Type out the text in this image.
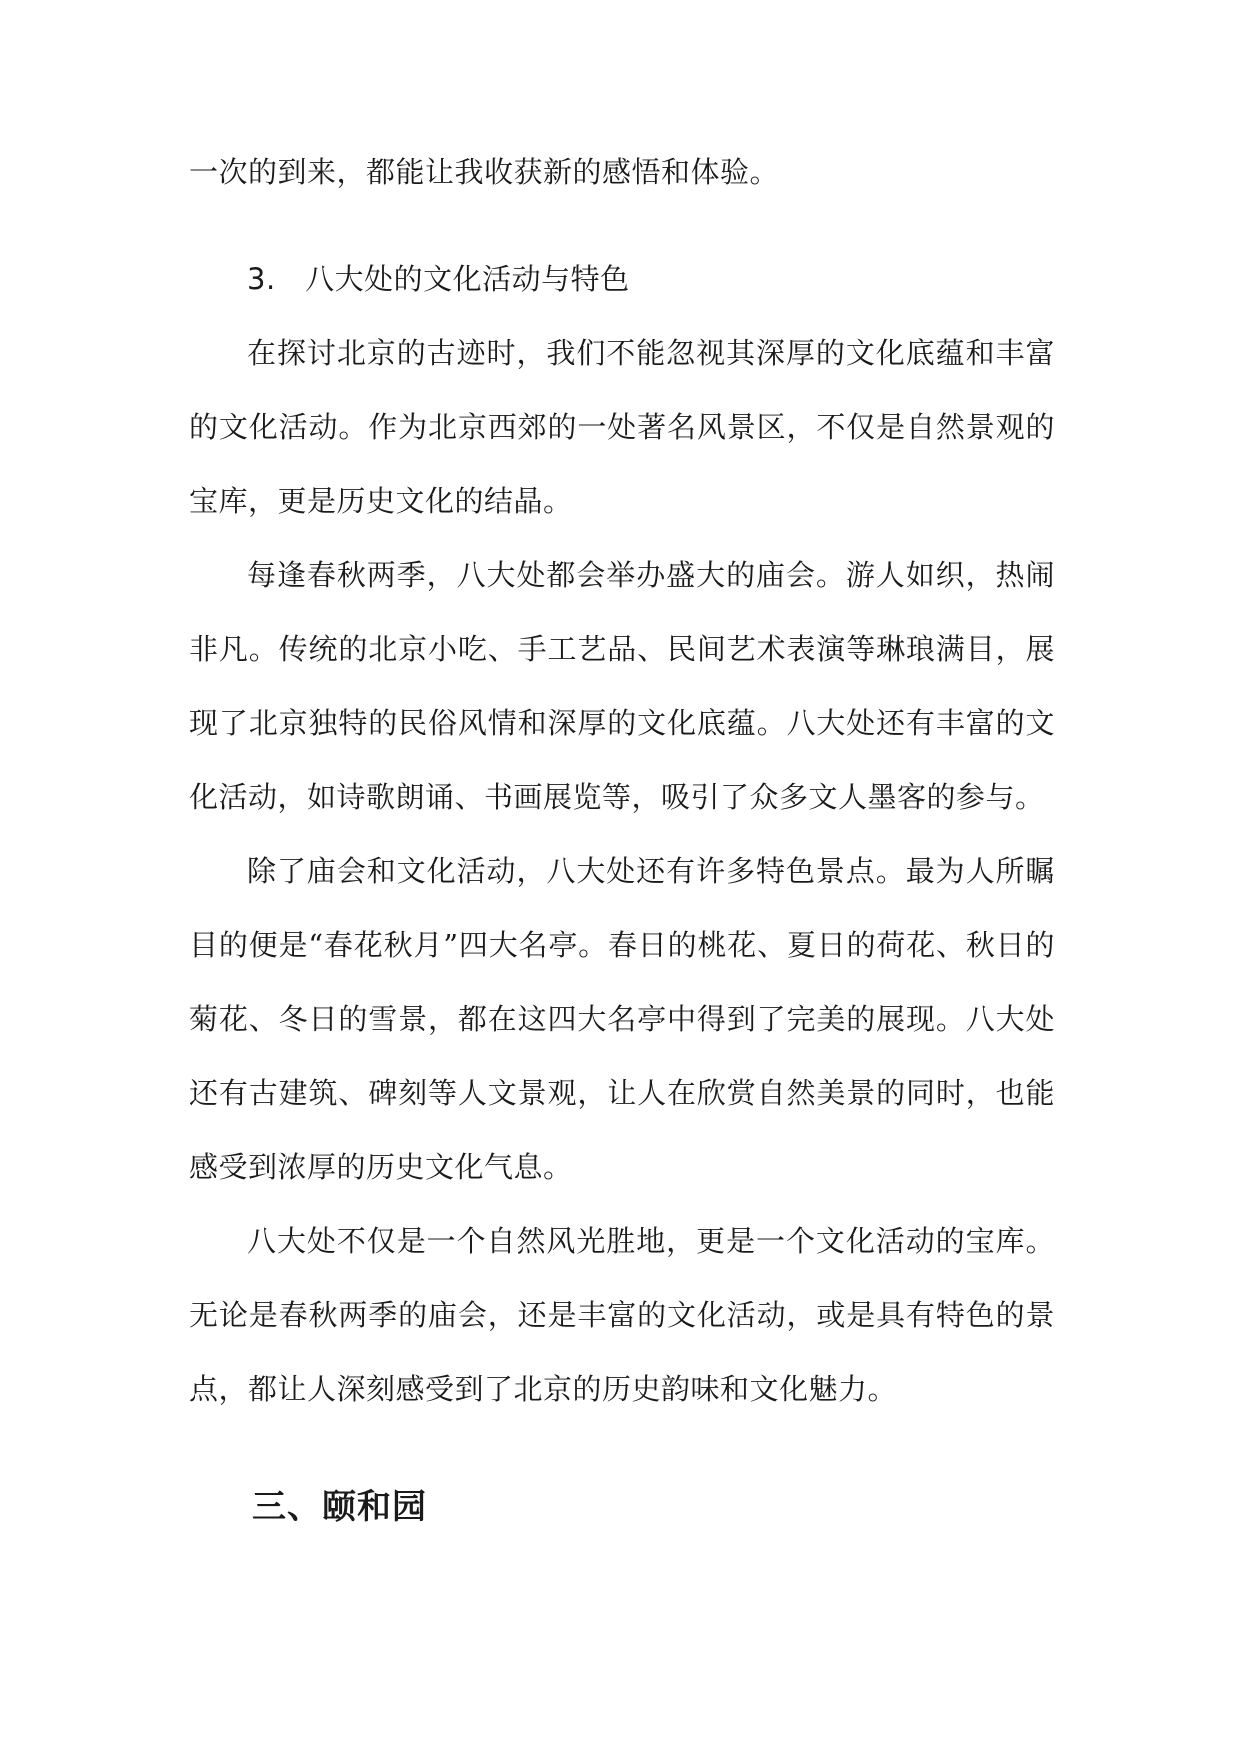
一次的到来，都能让我收获新的感悟和体验。

3. 八大处的文化活动与特色

在探讨北京的古迹时，我们不能忽视其深厚的文化底蕴和丰富的文化活动。作为北京西郊的一处著名风景区，不仅是自然景观的宝库，更是历史文化的结晶。

每逢春秋两季，八大处都会举办盛大的庙会。游人如织，热闹非凡。传统的北京小吃、手工艺品、民间艺术表演等琳琅满目，展现了北京独特的民俗风情和深厚的文化底蕴。八大处还有丰富的文化活动，如诗歌朗诵、书画展览等，吸引了众多文人墨客的参与。

除了庙会和文化活动，八大处还有许多特色景点。最为人所瞩目的便是“春花秋月”四大名亭。春日的桃花、夏日的荷花、秋日的菊花、冬日的雪景，都在这四大名亭中得到了完美的展现。八大处还有古建筑、碑刻等人文景观，让人在欣赏自然美景的同时，也能感受到浓厚的历史文化气息。

八大处不仅是一个自然风光胜地，更是一个文化活动的宝库。无论是春秋两季的庙会，还是丰富的文化活动，或是具有特色的景点，都让人深刻感受到了北京的历史韵味和文化魅力。

三、颐和园
